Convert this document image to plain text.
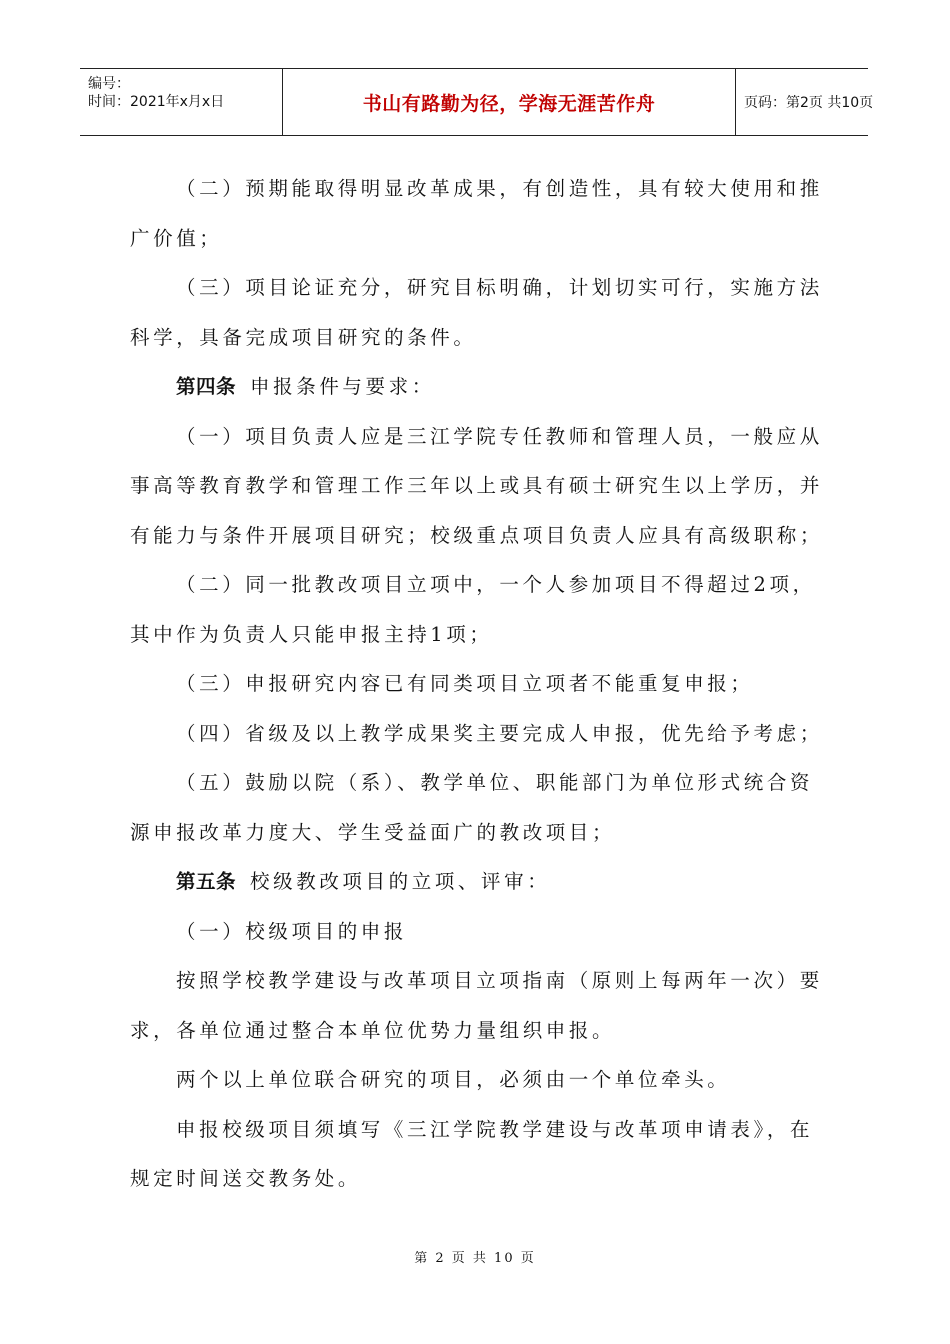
编号：
时间：2021年x月x日	书山有路勤为径，学海无涯苦作舟	页码：第2页 共10页

（二）预期能取得明显改革成果，有创造性，具有较大使用和推

广价值；

（三）项目论证充分，研究目标明确，计划切实可行，实施方法

科学，具备完成项目研究的条件。

第四条 申报条件与要求：

（一）项目负责人应是三江学院专任教师和管理人员，一般应从

事高等教育教学和管理工作三年以上或具有硕士研究生以上学历，并

有能力与条件开展项目研究；校级重点项目负责人应具有高级职称；

（二）同一批教改项目立项中，一个人参加项目不得超过2项，

其中作为负责人只能申报主持1项；

（三）申报研究内容已有同类项目立项者不能重复申报；

（四）省级及以上教学成果奖主要完成人申报，优先给予考虑；

（五）鼓励以院（系）、教学单位、职能部门为单位形式统合资

源申报改革力度大、学生受益面广的教改项目；

第五条 校级教改项目的立项、评审：

（一）校级项目的申报

按照学校教学建设与改革项目立项指南（原则上每两年一次）要

求，各单位通过整合本单位优势力量组织申报。

两个以上单位联合研究的项目，必须由一个单位牵头。

申报校级项目须填写《三江学院教学建设与改革项申请表》，在

规定时间送交教务处。

第 2 页 共 10 页
